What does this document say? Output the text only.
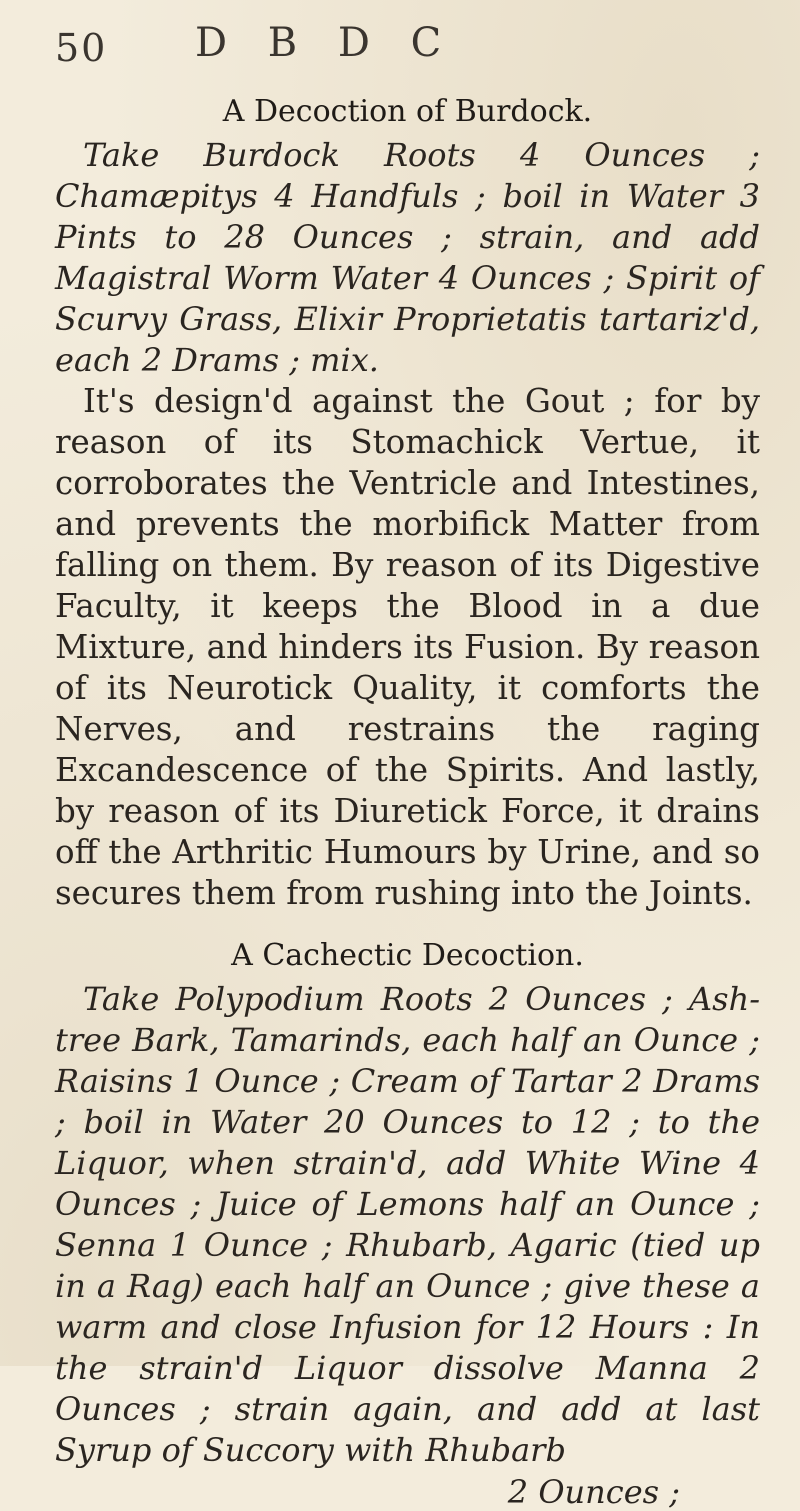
50 D B D C
A Decoction of Burdock.

Take Burdock Roots 4 Ounces ; Chamæpitys 4 Handfuls ; boil in Water 3 Pints to 28 Ounces ; strain, and add Magistral Worm Water 4 Ounces ; Spirit of Scurvy Grass, Elixir Proprietatis tartariz'd, each 2 Drams ; mix.

It's design'd against the Gout ; for by reason of its Stomachick Vertue, it corroborates the Ventricle and Intestines, and prevents the morbifick Matter from falling on them. By reason of its Digestive Faculty, it keeps the Blood in a due Mixture, and hinders its Fusion. By reason of its Neurotick Quality, it comforts the Nerves, and restrains the raging Excandescence of the Spirits. And lastly, by reason of its Diuretick Force, it drains off the Arthritic Humours by Urine, and so secures them from rushing into the Joints.

A Cachectic Decoction.

Take Polypodium Roots 2 Ounces ; Ash-tree Bark, Tamarinds, each half an Ounce ; Raisins 1 Ounce ; Cream of Tartar 2 Drams ; boil in Water 20 Ounces to 12 ; to the Liquor, when strain'd, add White Wine 4 Ounces ; Juice of Lemons half an Ounce ; Senna 1 Ounce ; Rhubarb, Agaric (tied up in a Rag) each half an Ounce ; give these a warm and close Infusion for 12 Hours : In the strain'd Liquor dissolve Manna 2 Ounces ; strain again, and add at last Syrup of Succory with Rhubarb

2 Ounces ;
